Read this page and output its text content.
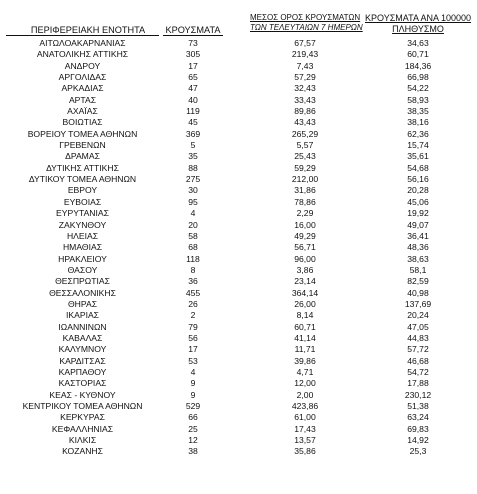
ΠΕΡΙΦΕΡΕΙΑΚΗ ΕΝΟΤΗΤΑ	ΚΡΟΥΣΜΑΤΑ
ΜΕΣΟΣ ΟΡΟΣ ΚΡΟΥΣΜΑΤΩΝ
ΤΩΝ ΤΕΛΕΥΤΑΙΩΝ 7 ΗΜΕΡΩΝ
ΚΡΟΥΣΜΑΤΑ ΑΝΑ 100000
ΠΛΗΘΥΣΜΟ
ΑΙΤΩΛΟΑΚΑΡΝΑΝΙΑΣ	73	67,57	34,63
ΑΝΑΤΟΛΙΚΗΣ ΑΤΤΙΚΗΣ	305	219,43	60,71
ΑΝΔΡΟΥ	17	7,43	184,36
ΑΡΓΟΛΙΔΑΣ	65	57,29	66,98
ΑΡΚΑΔΙΑΣ	47	32,43	54,22
ΑΡΤΑΣ	40	33,43	58,93
ΑΧΑΪΑΣ	119	89,86	38,35
ΒΟΙΩΤΙΑΣ	45	43,43	38,16
ΒΟΡΕΙΟΥ ΤΟΜΕΑ ΑΘΗΝΩΝ	369	265,29	62,36
ΓΡΕΒΕΝΩΝ	5	5,57	15,74
ΔΡΑΜΑΣ	35	25,43	35,61
ΔΥΤΙΚΗΣ ΑΤΤΙΚΗΣ	88	59,29	54,68
ΔΥΤΙΚΟΥ ΤΟΜΕΑ ΑΘΗΝΩΝ	275	212,00	56,16
ΕΒΡΟΥ	30	31,86	20,28
ΕΥΒΟΙΑΣ	95	78,86	45,06
ΕΥΡΥΤΑΝΙΑΣ	4	2,29	19,92
ΖΑΚΥΝΘΟΥ	20	16,00	49,07
ΗΛΕΙΑΣ	58	49,29	36,41
ΗΜΑΘΙΑΣ	68	56,71	48,36
ΗΡΑΚΛΕΙΟΥ	118	96,00	38,63
ΘΑΣΟΥ	8	3,86	58,1
ΘΕΣΠΡΩΤΙΑΣ	36	23,14	82,59
ΘΕΣΣΑΛΟΝΙΚΗΣ	455	364,14	40,98
ΘΗΡΑΣ	26	26,00	137,69
ΙΚΑΡΙΑΣ	2	8,14	20,24
ΙΩΑΝΝΙΝΩΝ	79	60,71	47,05
ΚΑΒΑΛΑΣ	56	41,14	44,83
ΚΑΛΥΜΝΟΥ	17	11,71	57,72
ΚΑΡΔΙΤΣΑΣ	53	39,86	46,68
ΚΑΡΠΑΘΟΥ	4	4,71	54,72
ΚΑΣΤΟΡΙΑΣ	9	12,00	17,88
ΚΕΑΣ - ΚΥΘΝΟΥ	9	2,00	230,12
ΚΕΝΤΡΙΚΟΥ ΤΟΜΕΑ ΑΘΗΝΩΝ	529	423,86	51,38
ΚΕΡΚΥΡΑΣ	66	61,00	63,24
ΚΕΦΑΛΛΗΝΙΑΣ	25	17,43	69,83
ΚΙΛΚΙΣ	12	13,57	14,92
ΚΟΖΑΝΗΣ	38	35,86	25,3
